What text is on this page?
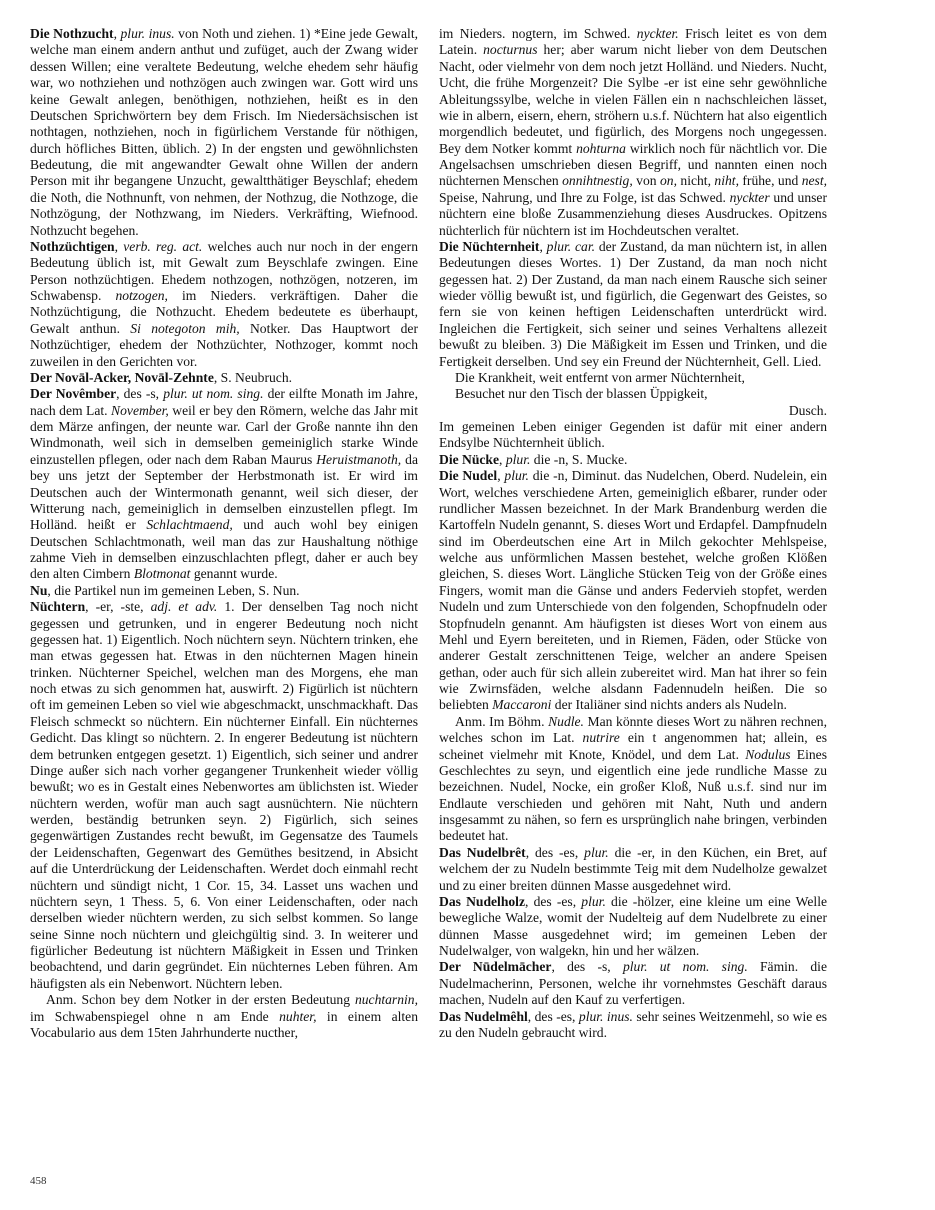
Die Nothzucht, plur. inus. von Noth und ziehen. 1) *Eine jede Gewalt, welche man einem andern anthut und zufüget, auch der Zwang wider dessen Willen; eine veraltete Bedeutung, welche ehedem sehr häufig war, wo nothziehen und nothzögen auch zwingen war. Gott wird uns keine Gewalt anlegen, benöthigen, nothziehen, heißt es in den Deutschen Sprichwörtern bey dem Frisch. Im Niedersächsischen ist nothtagen, nothziehen, noch in figürlichem Verstande für nöthigen, durch höfliches Bitten, üblich. 2) In der engsten und gewöhnlichsten Bedeutung, die mit angewandter Gewalt ohne Willen der andern Person mit ihr begangene Unzucht, gewaltthätiger Beyschlaf; ehedem die Noth, die Nothnunft, von nehmen, der Nothzug, die Nothzoge, die Nothzögung, der Nothzwang, im Nieders. Verkräfting, Wiefnood. Nothzucht begehen.

Nothzüchtigen, verb. reg. act. welches auch nur noch in der engern Bedeutung üblich ist, mit Gewalt zum Beyschlafe zwingen. Eine Person nothzüchtigen. Ehedem nothzogen, nothzögen, notzeren, im Schwabensp. notzogen, im Nieders. verkräftigen. Daher die Nothzüchtigung, die Nothzucht. Ehedem bedeutete es überhaupt, Gewalt anthun. Si notegoton mih, Notker. Das Hauptwort der Nothzüchtiger, ehedem der Nothzüchter, Nothzoger, kommt noch zuweilen in den Gerichten vor.

Der Novāl-Acker, Novāl-Zehnte, S. Neubruch.

Der Novêmber, des -s, plur. ut nom. sing. der eilfte Monath im Jahre, nach dem Lat. November, weil er bey den Römern, welche das Jahr mit dem Märze anfingen, der neunte war. Carl der Große nannte ihn den Windmonath, weil sich in demselben gemeiniglich starke Winde einzustellen pflegen, oder nach dem Raban Maurus Heruistmanoth, da bey uns jetzt der September der Herbstmonath ist. Er wird im Deutschen auch der Wintermonath genannt, weil sich dieser, der Witterung nach, gemeiniglich in demselben einzustellen pflegt. Im Holländ. heißt er Schlachtmaend, und auch wohl bey einigen Deutschen Schlachtmonath, weil man das zur Haushaltung nöthige zahme Vieh in demselben einzuschlachten pflegt, daher er auch bey den alten Cimbern Blotmonat genannt wurde.

Nu, die Partikel nun im gemeinen Leben, S. Nun.

Nüchtern, -er, -ste, adj. et adv. 1. Der denselben Tag noch nicht gegessen und getrunken, und in engerer Bedeutung noch nicht gegessen hat. 1) Eigentlich. Noch nüchtern seyn. Nüchtern trinken, ehe man etwas gegessen hat. Etwas in den nüchternen Magen hinein trinken. Nüchterner Speichel, welchen man des Morgens, ehe man noch etwas zu sich genommen hat, auswirft. 2) Figürlich ist nüchtern oft im gemeinen Leben so viel wie abgeschmackt, unschmackhaft. Das Fleisch schmeckt so nüchtern. Ein nüchterner Einfall. Ein nüchternes Gedicht. Das klingt so nüchtern. 2. In engerer Bedeutung ist nüchtern dem betrunken entgegen gesetzt. 1) Eigentlich, sich seiner und andrer Dinge außer sich nach vorher gegangener Trunkenheit wieder völlig bewußt; wo es in Gestalt eines Nebenwortes am üblichsten ist. Wieder nüchtern werden, wofür man auch sagt ausnüchtern. Nie nüchtern werden, beständig betrunken seyn. 2) Figürlich, sich seines gegenwärtigen Zustandes recht bewußt, im Gegensatze des Taumels der Leidenschaften, Gegenwart des Gemüthes besitzend, in Absicht auf die Unterdrückung der Leidenschaften. Werdet doch einmahl recht nüchtern und sündigt nicht, 1 Cor. 15, 34. Lasset uns wachen und nüchtern seyn, 1 Thess. 5, 6. Von einer Leidenschaften, oder nach derselben wieder nüchtern werden, zu sich selbst kommen. So lange seine Sinne noch nüchtern und gleichgültig sind. 3. In weiterer und figürlicher Bedeutung ist nüchtern Mäßigkeit in Essen und Trinken beobachtend, und darin gegründet. Ein nüchternes Leben führen. Am häufigsten als ein Nebenwort. Nüchtern leben.

Anm. Schon bey dem Notker in der ersten Bedeutung nuchtarnin, im Schwabenspiegel ohne n am Ende nuhter, in einem alten Vocabulario aus dem 15ten Jahrhunderte nucther,

im Nieders. nogtern, im Schwed. nyckter. Frisch leitet es von dem Latein. nocturnus her; aber warum nicht lieber von dem Deutschen Nacht, oder vielmehr von dem noch jetzt Holländ. und Nieders. Nucht, Ucht, die frühe Morgenzeit? Die Sylbe -er ist eine sehr gewöhnliche Ableitungssylbe, welche in vielen Fällen ein n nachschleichen lässet, wie in albern, eisern, ehern, ströhern u.s.f. Nüchtern hat also eigentlich morgendlich bedeutet, und figürlich, des Morgens noch ungegessen. Bey dem Notker kommt nohturna wirklich noch für nächtlich vor. Die Angelsachsen umschrieben diesen Begriff, und nannten einen noch nüchternen Menschen onnihtnestig, von on, nicht, niht, frühe, und nest, Speise, Nahrung, und Ihre zu Folge, ist das Schwed. nyckter und unser nüchtern eine bloße Zusammenziehung dieses Ausdruckes. Opitzens nüchterlich für nüchtern ist im Hochdeutschen veraltet.

Die Nüchternheit, plur. car. der Zustand, da man nüchtern ist, in allen Bedeutungen dieses Wortes. 1) Der Zustand, da man noch nicht gegessen hat. 2) Der Zustand, da man nach einem Rausche sich seiner wieder völlig bewußt ist, und figürlich, die Gegenwart des Geistes, so fern sie von keinen heftigen Leidenschaften unterdrückt wird. Ingleichen die Fertigkeit, sich seiner und seines Verhaltens allezeit bewußt zu bleiben. 3) Die Mäßigkeit im Essen und Trinken, und die Fertigkeit derselben. Und sey ein Freund der Nüchternheit, Gell. Lied.

Die Krankheit, weit entfernt von armer Nüchternheit,

Besuchet nur den Tisch der blassen Üppigkeit,

Dusch.

Im gemeinen Leben einiger Gegenden ist dafür mit einer andern Endsylbe Nüchternheit üblich.

Die Nücke, plur. die -n, S. Mucke.

Die Nudel, plur. die -n, Diminut. das Nudelchen, Oberd. Nudelein, ein Wort, welches verschiedene Arten, gemeiniglich eßbarer, runder oder rundlicher Massen bezeichnet. In der Mark Brandenburg werden die Kartoffeln Nudeln genannt, S. dieses Wort und Erdapfel. Dampfnudeln sind im Oberdeutschen eine Art in Milch gekochter Mehlspeise, welche aus unförmlichen Massen bestehet, welche großen Klößen gleichen, S. dieses Wort. Längliche Stücken Teig von der Größe eines Fingers, womit man die Gänse und anders Federvieh stopfet, werden Nudeln und zum Unterschiede von den folgenden, Schopfnudeln oder Stopfnudeln genannt. Am häufigsten ist dieses Wort von einem aus Mehl und Eyern bereiteten, und in Riemen, Fäden, oder Stücke von anderer Gestalt zerschnittenen Teige, welcher an andere Speisen gethan, oder auch für sich allein zubereitet wird. Man hat ihrer so fein wie Zwirnsfäden, welche alsdann Fadennudeln heißen. Die so beliebten Maccaroni der Italiäner sind nichts anders als Nudeln.

Anm. Im Böhm. Nudle. Man könnte dieses Wort zu nähren rechnen, welches schon im Lat. nutrire ein t angenommen hat; allein, es scheinet vielmehr mit Knote, Knödel, und dem Lat. Nodulus Eines Geschlechtes zu seyn, und eigentlich eine jede rundliche Masse zu bezeichnen. Nudel, Nocke, ein großer Kloß, Nuß u.s.f. sind nur im Endlaute verschieden und gehören mit Naht, Nuth und andern insgesammt zu nähen, so fern es ursprünglich nahe bringen, verbinden bedeutet hat.

Das Nudelbrêt, des -es, plur. die -er, in den Küchen, ein Bret, auf welchem der zu Nudeln bestimmte Teig mit dem Nudelholze gewalzet und zu einer breiten dünnen Masse ausgedehnet wird.

Das Nudelholz, des -es, plur. die -hölzer, eine kleine um eine Welle bewegliche Walze, womit der Nudelteig auf dem Nudelbrete zu einer dünnen Masse ausgedehnet wird; im gemeinen Leben der Nudelwalger, von walgekn, hin und her wälzen.

Der Nūdelmācher, des -s, plur. ut nom. sing. Fämin. die Nudelmacherinn, Personen, welche ihr vornehmstes Geschäft daraus machen, Nudeln auf den Kauf zu verfertigen.

Das Nudelmêhl, des -es, plur. inus. sehr seines Weitzenmehl, so wie es zu den Nudeln gebraucht wird.

458
